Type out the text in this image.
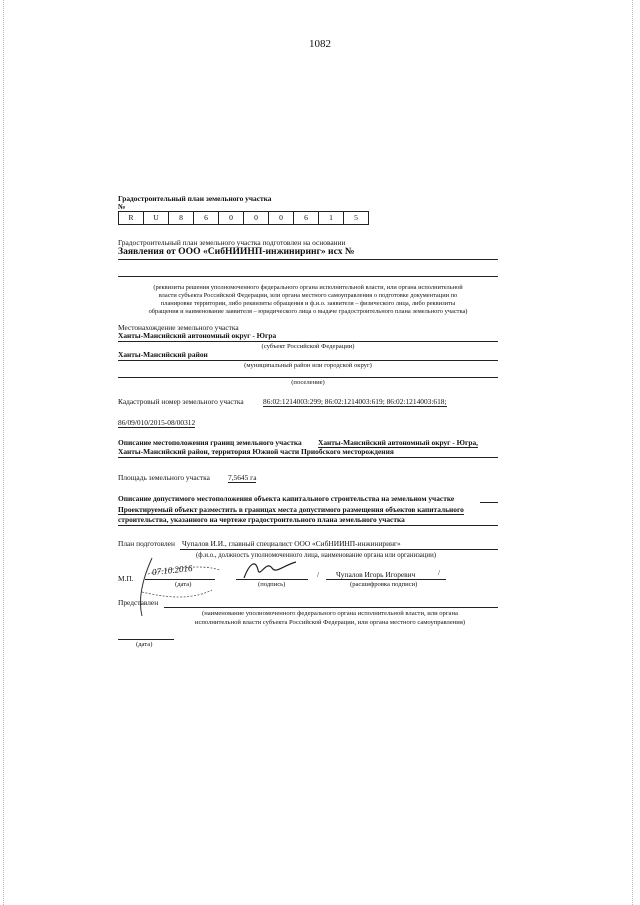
1082
Градостроительный план земельного участка
№
R	U	8	6	0	0	0	6	1	5
Градостроительный план земельного участка подготовлен на основании
Заявления от ООО «СибНИИНП-инжиниринг» исх №
(реквизиты решения уполномоченного федерального органа исполнительной власти, или органа исполнительной
власти субъекта Российской Федерации, или органа местного самоуправления о подготовке документации по
планировке территории, либо реквизиты обращения и ф.и.о. заявителя – физического лица, либо реквизиты
обращения и наименование заявителя – юридического лица о выдаче градостроительного плана земельного участка)
Местонахождение земельного участка
Ханты-Мансийский автономный округ - Югра
(субъект Российской Федерации)
Ханты-Мансийский район
(муниципальный район или городской округ)
(поселение)
Кадастровый номер земельного участка	86:02:1214003:299; 86:02:1214003:619; 86:02:1214003:618;
86/09/010/2015-08/00312
Описание местоположения границ земельного участка Ханты-Мансийский автономный округ - Югра,
Ханты-Мансийский район, территория Южной части Приобского месторождения
Площадь земельного участка 7,5645 га
Описание допустимого местоположения объекта капитального строительства на земельном участке
Проектируемый объект разместить в границах места допустимого размещения объектов капитального
строительства, указанного на чертеже градостроительного плана земельного участка
План подготовлен Чупалов И.И., главный специалист ООО «СибНИИНП-инжиниринг»
(ф.и.о., должность уполномоченного лица, наименование органа или организации)
М.П.
07.10.2016
(дата)	(подпись)
/ Чупалов Игорь Игоревич	/
(расшифровка подписи)
Представлен
(наименование уполномоченного федерального органа исполнительной власти, или органа
исполнительной власти субъекта Российской Федерации, или органа местного самоуправления)
(дата)
